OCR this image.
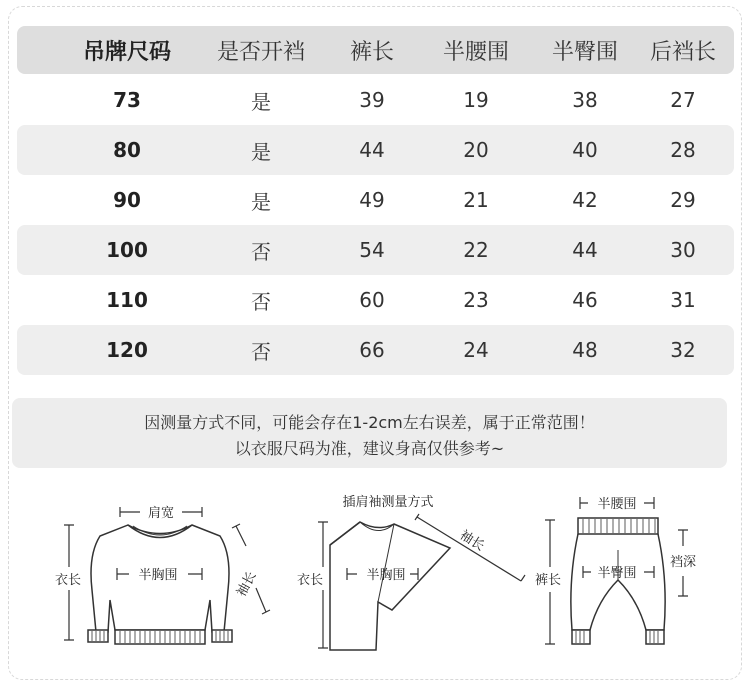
吊牌尺码	是否开裆	裤长	半腰围	半臀围	后裆长
73	是	39	19	38	27
80	是	44	20	40	28
90	是	49	21	42	29
100	否	54	22	44	30
110	否	60	23	46	31
120	否	66	24	48	32
因测量方式不同，可能会存在1-2cm左右误差，属于正常范围！
以衣服尺码为准，建议身高仅供参考~
肩宽
衣长	半胸围	袖长
插肩袖测量方式
袖长
衣长	半胸围
半腰围
裤长	半臀围
裆深
